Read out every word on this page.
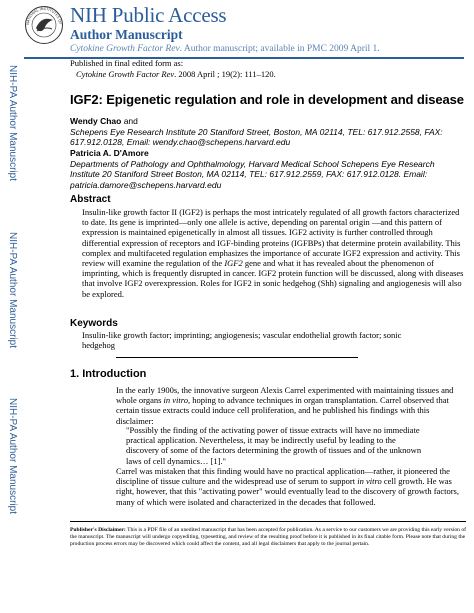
NIH-PA Author Manuscript
NIH-PA Author Manuscript
NIH-PA Author Manuscript
NATIONAL INSTITUTES OF NIH Public Access
Author Manuscript
Cytokine Growth Factor Rev. Author manuscript; available in PMC 2009 April 1.
Published in final edited form as:
Cytokine Growth Factor Rev. 2008 April ; 19(2): 111–120.
IGF2: Epigenetic regulation and role in development and disease
Wendy Chao and
Schepens Eye Research Institute 20 Staniford Street, Boston, MA 02114, TEL: 617.912.2558, FAX: 617.912.0128, Email: wendy.chao@schepens.harvard.edu
Patricia A. D'Amore
Departments of Pathology and Ophthalmology, Harvard Medical School Schepens Eye Research Institute 20 Staniford Street Boston, MA 02114, TEL: 617.912.2559, FAX: 617.912.0128. Email: patricia.damore@schepens.harvard.edu
Abstract
Insulin-like growth factor II (IGF2) is perhaps the most intricately regulated of all growth factors characterized to date. Its gene is imprinted—only one allele is active, depending on parental origin —and this pattern of expression is maintained epigenetically in almost all tissues. IGF2 activity is further controlled through differential expression of receptors and IGF-binding proteins (IGFBPs) that determine protein availability. This complex and multifaceted regulation emphasizes the importance of accurate IGF2 expression and activity. This review will examine the regulation of the IGF2 gene and what it has revealed about the phenomenon of imprinting, which is frequently disrupted in cancer. IGF2 protein function will be discussed, along with diseases that involve IGF2 overexpression. Roles for IGF2 in sonic hedgehog (Shh) signaling and angiogenesis will also be explored.
Keywords
Insulin-like growth factor; imprinting; angiogenesis; vascular endothelial growth factor; sonic hedgehog
1. Introduction
In the early 1900s, the innovative surgeon Alexis Carrel experimented with maintaining tissues and whole organs in vitro, hoping to advance techniques in organ transplantation. Carrel observed that certain tissue extracts could induce cell proliferation, and he published his findings with this disclaimer:
"Possibly the finding of the activating power of tissue extracts will have no immediate practical application. Nevertheless, it may be indirectly useful by leading to the discovery of some of the factors determining the growth of tissues and of the unknown laws of cell dynamics… [1]."
Carrel was mistaken that this finding would have no practical application—rather, it pioneered the discipline of tissue culture and the widespread use of serum to support in vitro cell growth. He was right, however, that this "activating power" would eventually lead to the discovery of growth factors, many of which were isolated and characterized in the decades that followed.
Publisher's Disclaimer: This is a PDF file of an unedited manuscript that has been accepted for publication. As a service to our customers we are providing this early version of the manuscript. The manuscript will undergo copyediting, typesetting, and review of the resulting proof before it is published in its final citable form. Please note that during the production process errors may be discovered which could affect the content, and all legal disclaimers that apply to the journal pertain.
